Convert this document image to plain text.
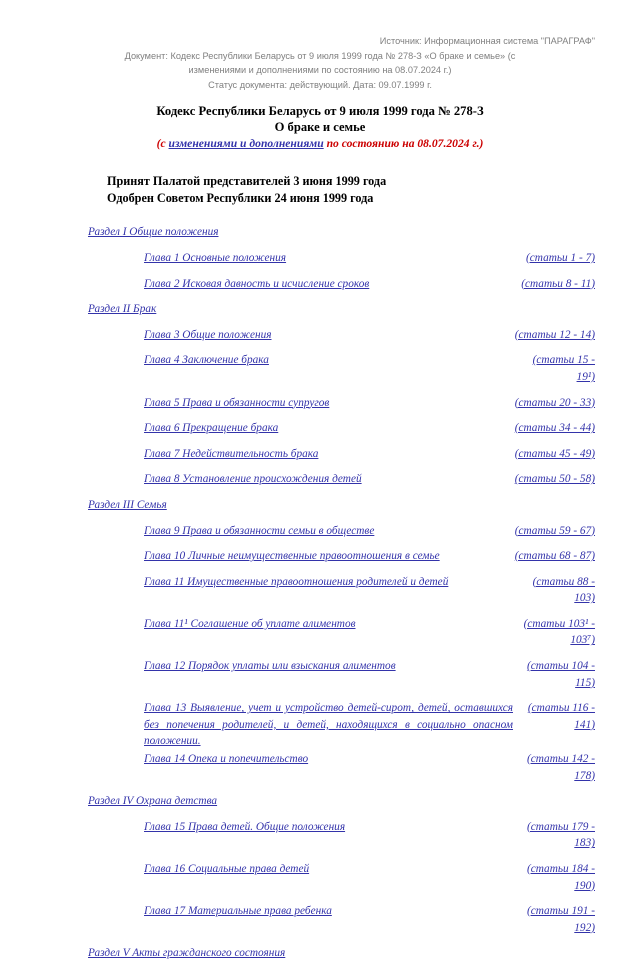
Источник: Информационная система "ПАРАГРАФ"

Документ: Кодекс Республики Беларусь от 9 июля 1999 года № 278-З «О браке и семье» (с

изменениями и дополнениями по состоянию на 08.07.2024 г.)

Статус документа: действующий. Дата: 09.07.1999 г.

Кодекс Республики Беларусь от 9 июля 1999 года № 278-З

О браке и семье

(с изменениями и дополнениями по состоянию на 08.07.2024 г.)

Принят Палатой представителей 3 июня 1999 года

Одобрен Советом Республики 24 июня 1999 года

Раздел I Общие положения
Глава 1 Основные положения	(статьи 1 - 7)
Глава 2 Исковая давность и исчисление сроков	(статьи 8 - 11)
Раздел II Брак
Глава 3 Общие положения	(статьи 12 - 14)
Глава 4 Заключение брака	(статьи 15 - 19¹)
Глава 5 Права и обязанности супругов	(статьи 20 - 33)
Глава 6 Прекращение брака	(статьи 34 - 44)
Глава 7 Недействительность брака	(статьи 45 - 49)
Глава 8 Установление происхождения детей	(статьи 50 - 58)
Раздел III Семья
Глава 9 Права и обязанности семьи в обществе	(статьи 59 - 67)
Глава 10 Личные неимущественные правоотношения в семье	(статьи 68 - 87)
Глава 11 Имущественные правоотношения родителей и детей	(статьи 88 - 103)
Глава 11¹ Соглашение об уплате алиментов	(статьи 103¹ - 103⁷)
Глава 12 Порядок уплаты или взыскания алиментов	(статьи 104 - 115)
Глава 13 Выявление, учет и устройство детей-сирот, детей, оставшихся без попечения родителей, и детей, находящихся в социально опасном положении.
(статьи 116 - 141)
Глава 14 Опека и попечительство	(статьи 142 - 178)
Раздел IV Охрана детства
Глава 15 Права детей. Общие положения	(статьи 179 - 183)
Глава 16 Социальные права детей	(статьи 184 - 190)
Глава 17 Материальные права ребенка	(статьи 191 - 192)
Раздел V Акты гражданского состояния
